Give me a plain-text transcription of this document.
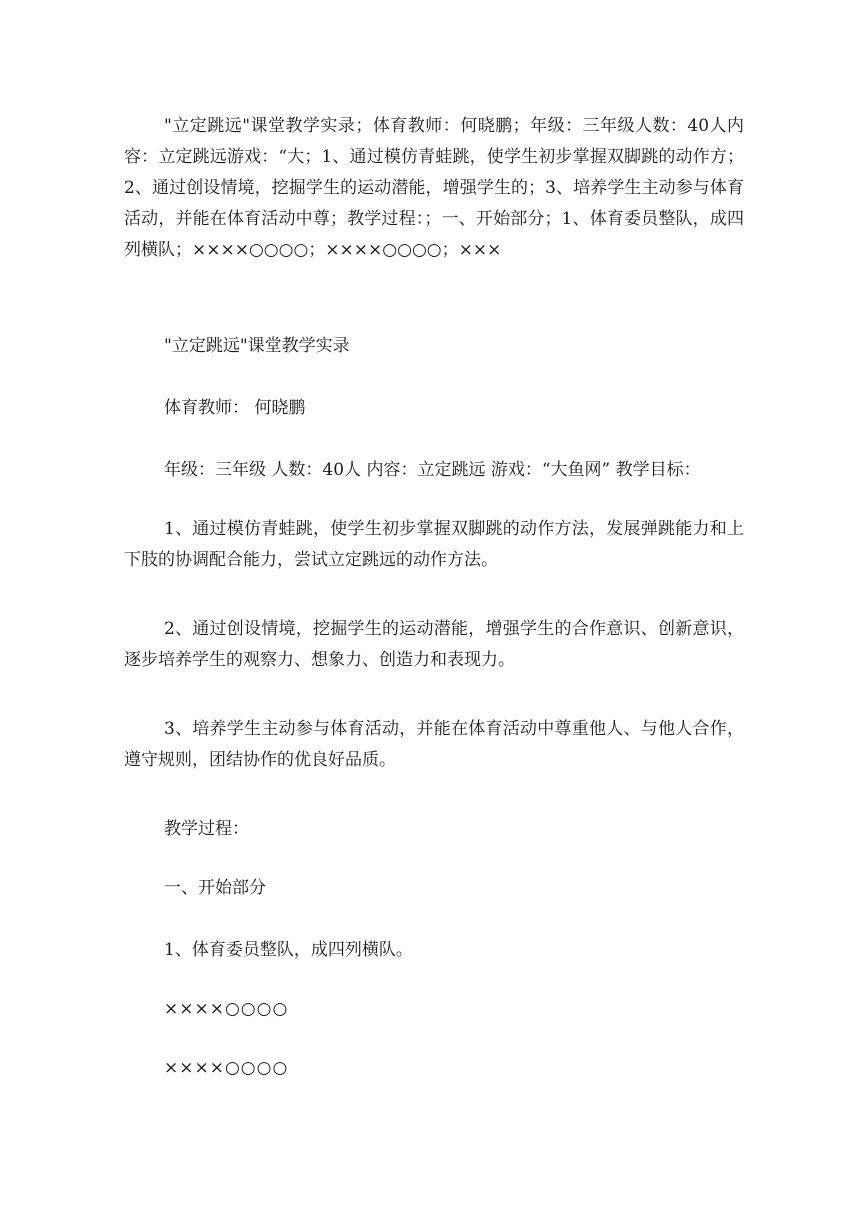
"立定跳远"课堂教学实录；体育教师：何晓鹏；年级：三年级人数：40人内容：立定跳远游戏：“大；1、通过模仿青蛙跳，使学生初步掌握双脚跳的动作方；2、通过创设情境，挖掘学生的运动潜能，增强学生的；3、培养学生主动参与体育活动，并能在体育活动中尊；教学过程：；一、开始部分；1、体育委员整队，成四列横队；××××○○○○；××××○○○○；×××

"立定跳远"课堂教学实录

体育教师： 何晓鹏

年级：三年级 人数：40人 内容：立定跳远 游戏：“大鱼网” 教学目标：

1、通过模仿青蛙跳，使学生初步掌握双脚跳的动作方法，发展弹跳能力和上下肢的协调配合能力，尝试立定跳远的动作方法。

2、通过创设情境，挖掘学生的运动潜能，增强学生的合作意识、创新意识，逐步培养学生的观察力、想象力、创造力和表现力。

3、培养学生主动参与体育活动，并能在体育活动中尊重他人、与他人合作，遵守规则，团结协作的优良好品质。

教学过程：

一、开始部分

1、体育委员整队，成四列横队。

××××○○○○

××××○○○○
